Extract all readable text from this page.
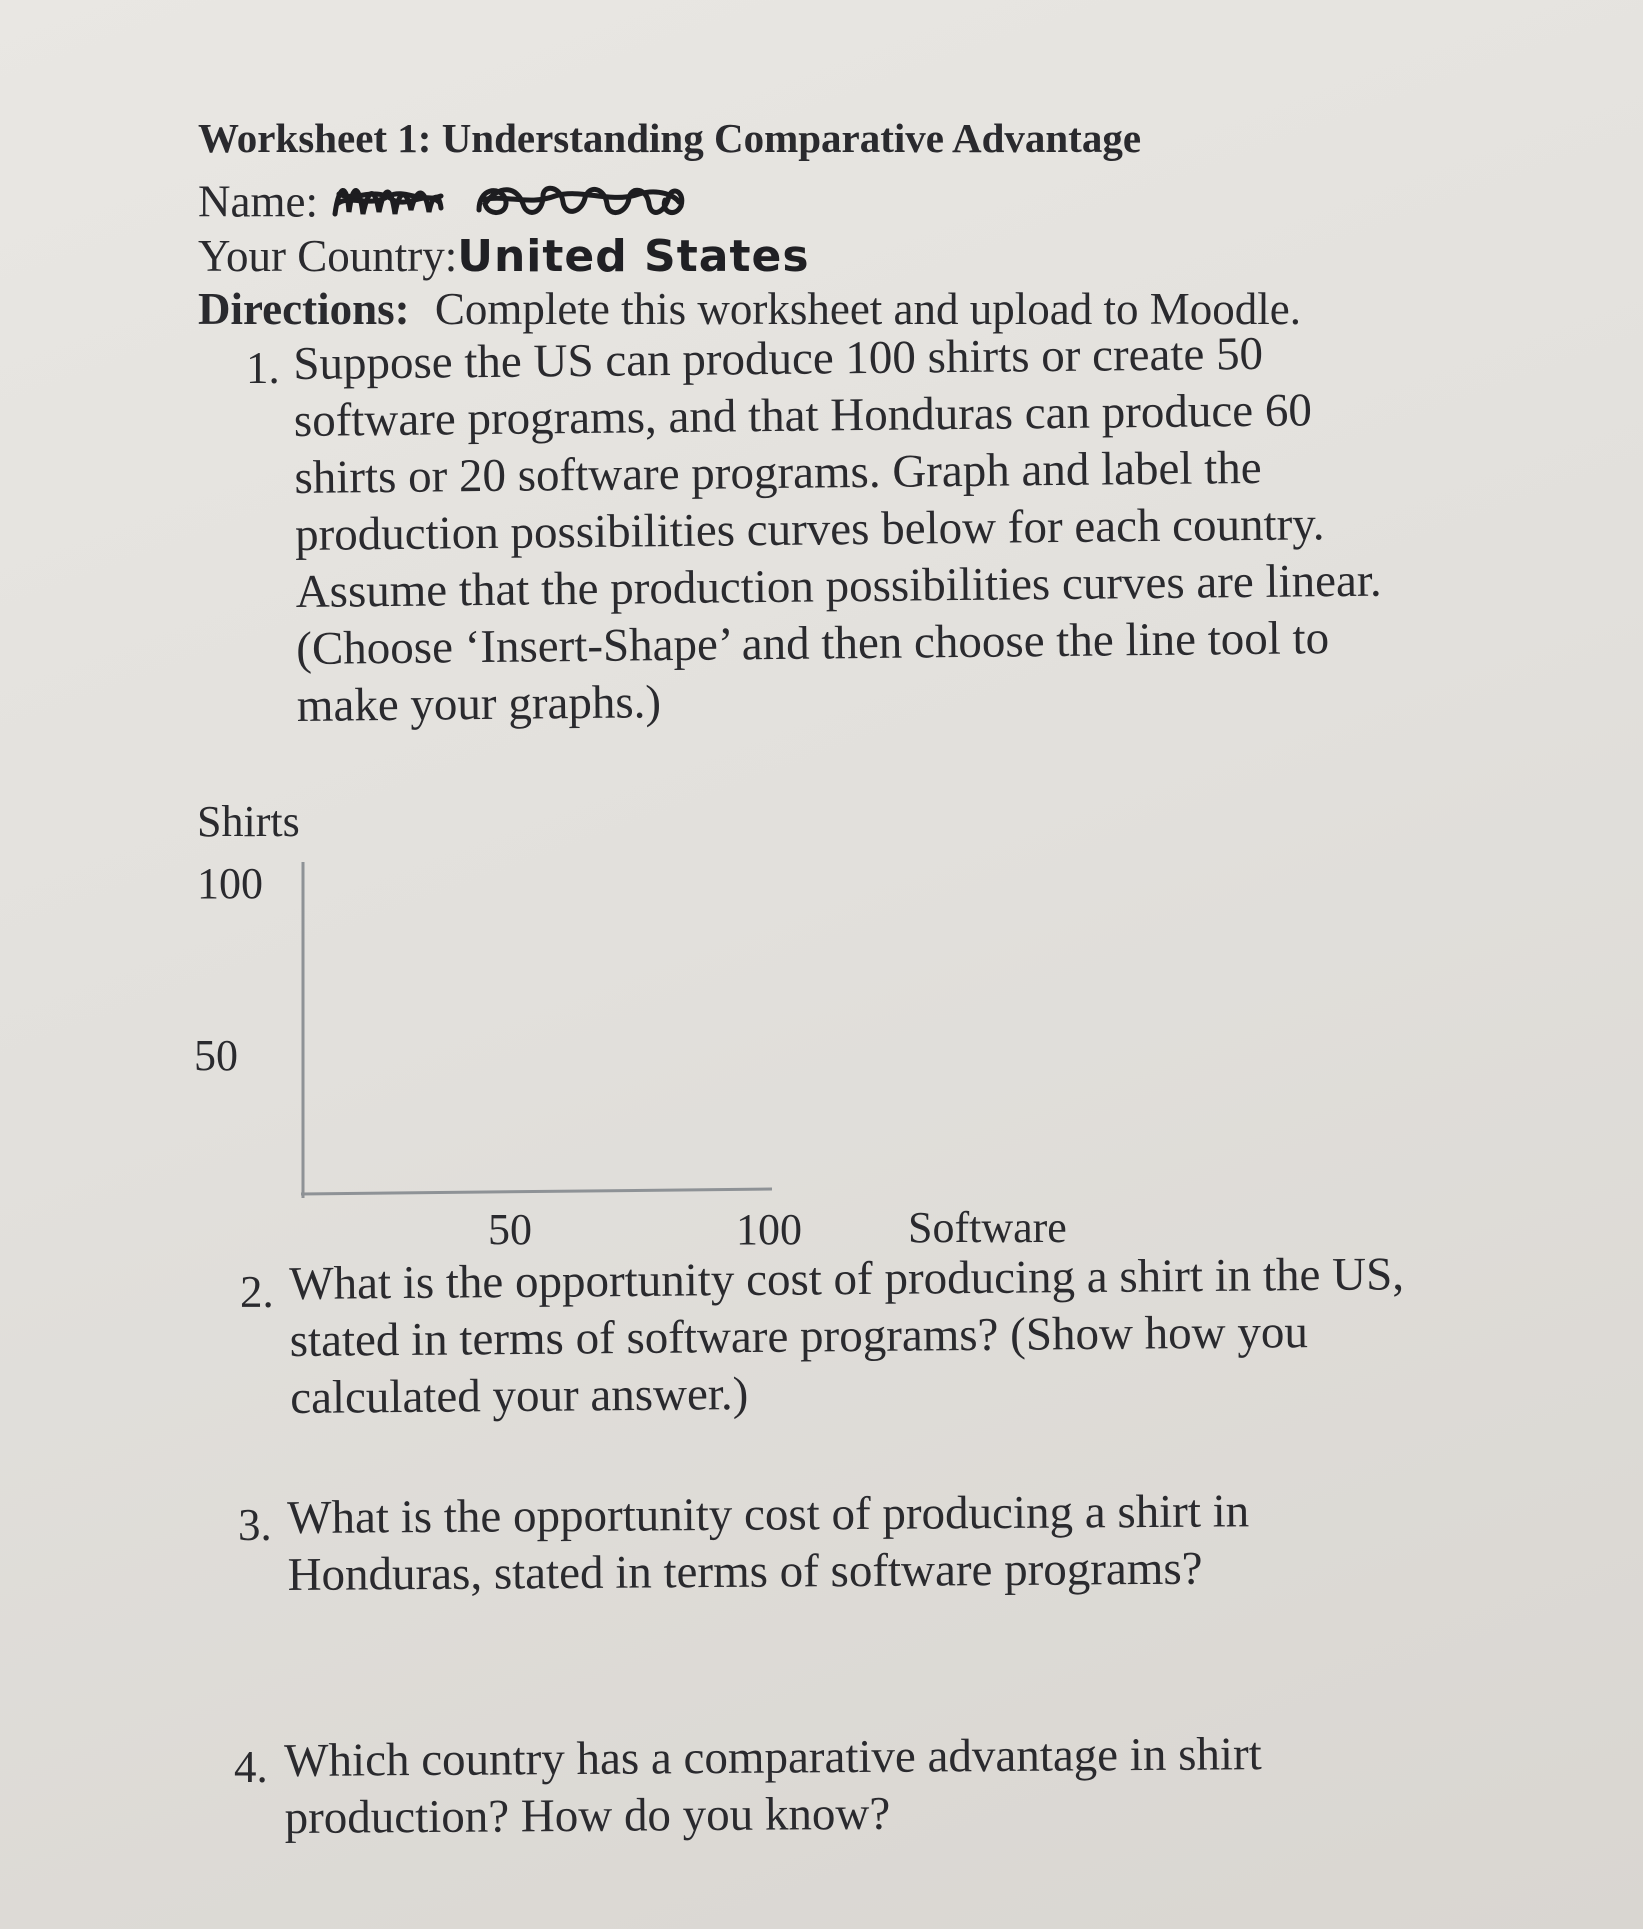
Worksheet 1: Understanding Comparative Advantage
Name:
Your Country:United States
Directions: Complete this worksheet and upload to Moodle.
1. Suppose the US can produce 100 shirts or create 50
software programs, and that Honduras can produce 60
shirts or 20 software programs. Graph and label the
production possibilities curves below for each country.
Assume that the production possibilities curves are linear.
(Choose ‘Insert-Shape’ and then choose the line tool to
make your graphs.)
Shirts
100
50
50	100 Software
2. What is the opportunity cost of producing a shirt in the US,
stated in terms of software programs? (Show how you
calculated your answer.)
3. What is the opportunity cost of producing a shirt in
Honduras, stated in terms of software programs?
4. Which country has a comparative advantage in shirt
production? How do you know?
